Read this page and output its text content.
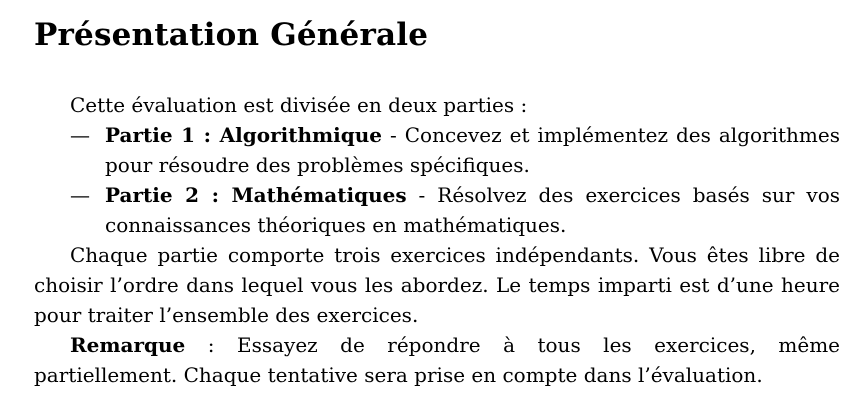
Présentation Générale

Cette évaluation est divisée en deux parties :

— Partie 1 : Algorithmique - Concevez et implémentez des algorithmes pour résoudre des problèmes spécifiques.
— Partie 2 : Mathématiques - Résolvez des exercices basés sur vos connaissances théoriques en mathématiques.

Chaque partie comporte trois exercices indépendants. Vous êtes libre de choisir l’ordre dans lequel vous les abordez. Le temps imparti est d’une heure pour traiter l’ensemble des exercices.

Remarque : Essayez de répondre à tous les exercices, même partiellement. Chaque tentative sera prise en compte dans l’évaluation.
